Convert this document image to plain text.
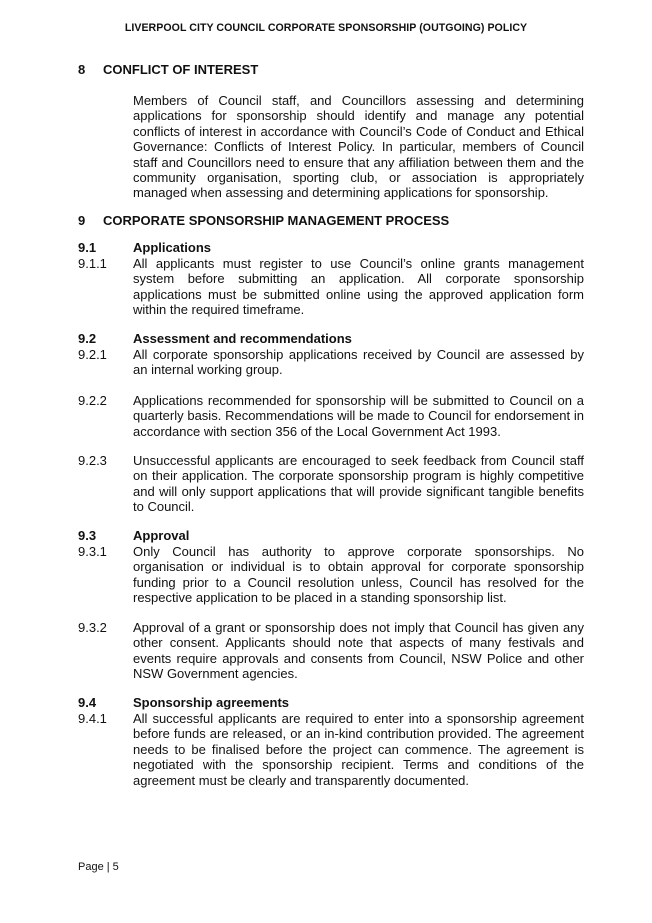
LIVERPOOL CITY COUNCIL CORPORATE SPONSORSHIP (OUTGOING) POLICY
8 CONFLICT OF INTEREST

Members of Council staff, and Councillors assessing and determining applications for sponsorship should identify and manage any potential conflicts of interest in accordance with Council’s Code of Conduct and Ethical Governance: Conflicts of Interest Policy. In particular, members of Council staff and Councillors need to ensure that any affiliation between them and the community organisation, sporting club, or association is appropriately managed when assessing and determining applications for sponsorship.

9 CORPORATE SPONSORSHIP MANAGEMENT PROCESS
9.1	Applications
9.1.1 All applicants must register to use Council’s online grants management system before submitting an application. All corporate sponsorship applications must be submitted online using the approved application form within the required timeframe.

9.2	Assessment and recommendations
9.2.1 All corporate sponsorship applications received by Council are assessed by an internal working group.

9.2.2 Applications recommended for sponsorship will be submitted to Council on a quarterly basis. Recommendations will be made to Council for endorsement in accordance with section 356 of the Local Government Act 1993.

9.2.3 Unsuccessful applicants are encouraged to seek feedback from Council staff on their application. The corporate sponsorship program is highly competitive and will only support applications that will provide significant tangible benefits to Council.

9.3	Approval
9.3.1 Only Council has authority to approve corporate sponsorships. No organisation or individual is to obtain approval for corporate sponsorship funding prior to a Council resolution unless, Council has resolved for the respective application to be placed in a standing sponsorship list.

9.3.2 Approval of a grant or sponsorship does not imply that Council has given any other consent. Applicants should note that aspects of many festivals and events require approvals and consents from Council, NSW Police and other NSW Government agencies.

9.4	Sponsorship agreements
9.4.1 All successful applicants are required to enter into a sponsorship agreement before funds are released, or an in-kind contribution provided. The agreement needs to be finalised before the project can commence. The agreement is negotiated with the sponsorship recipient. Terms and conditions of the agreement must be clearly and transparently documented.

Page | 5
